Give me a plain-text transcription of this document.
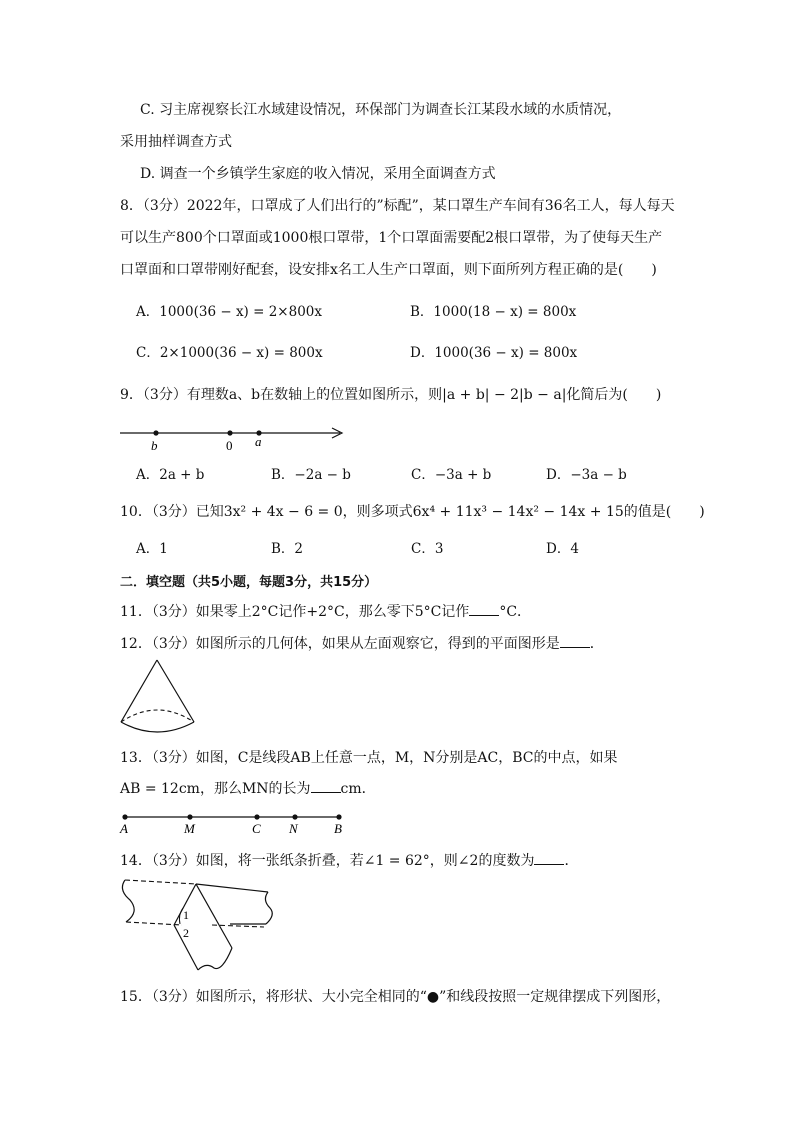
C. 习主席视察长江水域建设情况，环保部门为调查长江某段水域的水质情况，
采用抽样调查方式
D. 调查一个乡镇学生家庭的收入情况，采用全面调查方式
8．（3分）2022年，口罩成了人们出行的”标配”，某口罩生产车间有36名工人，每人每天
可以生产800个口罩面或1000根口罩带，1个口罩面需要配2根口罩带，为了使每天生产
口罩面和口罩带刚好配套，设安排x名工人生产口罩面，则下面所列方程正确的是(　　)
A．1000(36 − x) = 2×800x	B．1000(18 − x) = 800x
C．2×1000(36 − x) = 800x	D．1000(36 − x) = 800x
9．（3分）有理数a、b在数轴上的位置如图所示，则|a + b| − 2|b − a|化简后为(　　)
b	0 a
A．2a + b	B．−2a − b	C．−3a + b	D．−3a − b
10．（3分）已知3x² + 4x − 6 = 0，则多项式6x⁴ + 11x³ − 14x² − 14x + 15的值是(　　)
A．1	B．2	C．3	D．4
二．填空题（共5小题，每题3分，共15分）
11．（3分）如果零上2°C记作+2°C，那么零下5°C记作 °C．
12．（3分）如图所示的几何体，如果从左面观察它，得到的平面图形是 ．
13．（3分）如图，C是线段AB上任意一点，M，N分别是AC，BC的中点，如果
AB = 12cm，那么MN的长为 cm．
A	M	C N	B
14．（3分）如图，将一张纸条折叠，若∠1 = 62°，则∠2的度数为 ．
1
2
15．（3分）如图所示，将形状、大小完全相同的“●”和线段按照一定规律摆成下列图形，
